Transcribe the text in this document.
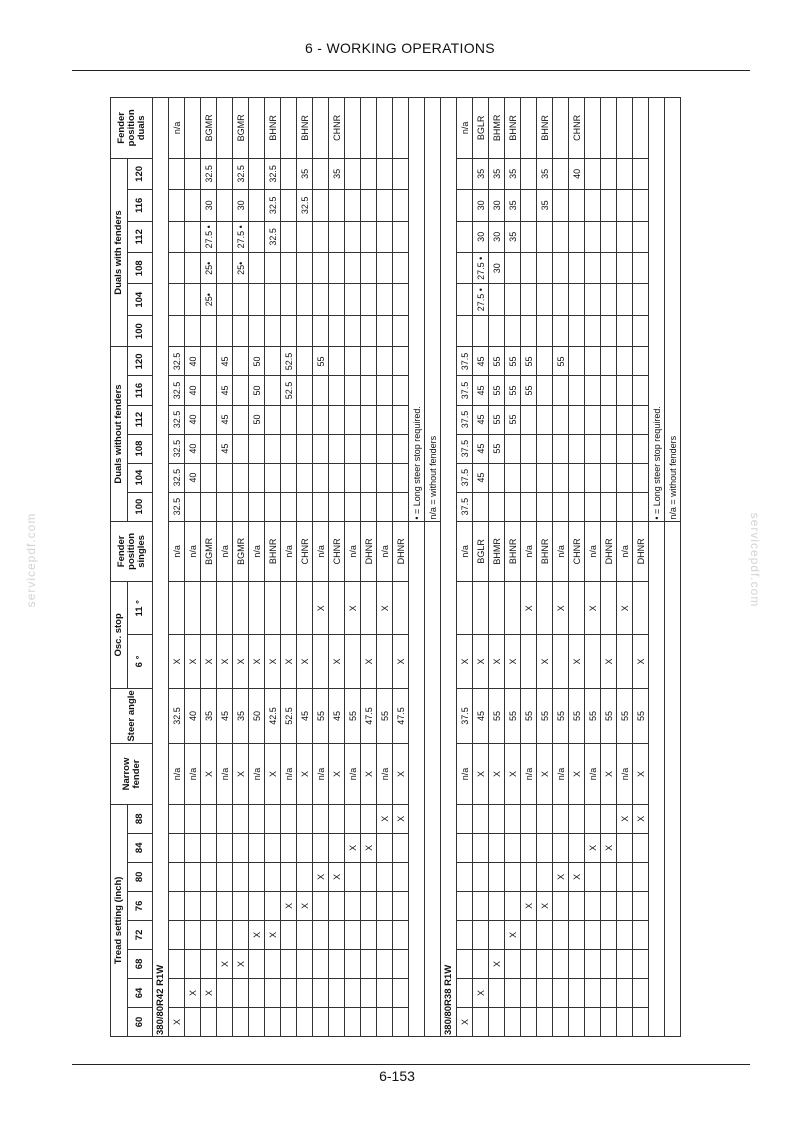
6 - WORKING OPERATIONS
servicepdf.com	servicepdf.com
Tread setting (inch)								Narrow fender	Steer angle	Osc. stop		Fender position singles	Duals without fenders						Duals with fenders						Fender position duals
60	64	68	72	76	80	84	88			6 °	11 °		100	104	108	112	116	120	100	104	108	112	116	120	
380/80R42 R1W																									
X								n/a	32.5	X		n/a	32.5	32.5	32.5	32.5	32.5	32.5							n/a
	X							n/a	40	X		n/a		40	40	40	40	40							
	X							X	35	X		BGMR								25•	25•	27.5 •	30	32.5	BGMR
		X						n/a	45	X		n/a			45	45	45	45							
		X						X	35	X		BGMR									25•	27.5 •	30	32.5	BGMR
			X					n/a	50	X		n/a				50	50	50							
			X					X	42.5	X		BHNR										32.5	32.5	32.5	BHNR
				X				n/a	52.5	X		n/a					52.5	52.5							
				X				X	45	X		CHNR											32.5	35	BHNR
					X			n/a	55		X	n/a						55							
					X			X	45	X		CHNR												35	CHNR
						X		n/a	55		X	n/a													
						X		X	47.5	X		DHNR													
							X	n/a	55		X	n/a													
							X	X	47.5	X		DHNR													
													• = Long steer stop required.												
													n/a = without fenders												
380/80R38 R1W																									
X								n/a	37.5	X		n/a	37.5	37.5	37.5	37.5	37.5	37.5							n/a
	X							X	45	X		BGLR		45	45	45	45	45		27.5 •	27.5 •	30	30	35	BGLR
		X						X	55	X		BHMR			55	55	55	55			30	30	30	35	BHMR
			X					X	55	X		BHNR				55	55	55				35	35	35	BHNR
				X				n/a	55		X	n/a					55	55							
				X				X	55	X		BHNR											35	35	BHNR
					X			n/a	55		X	n/a						55							
					X			X	55	X		CHNR												40	CHNR
						X		n/a	55		X	n/a													
						X		X	55	X		DHNR													
							X	n/a	55		X	n/a													
							X	X	55	X		DHNR													
													• = Long steer stop required.												
													n/a = without fenders												
6-153
